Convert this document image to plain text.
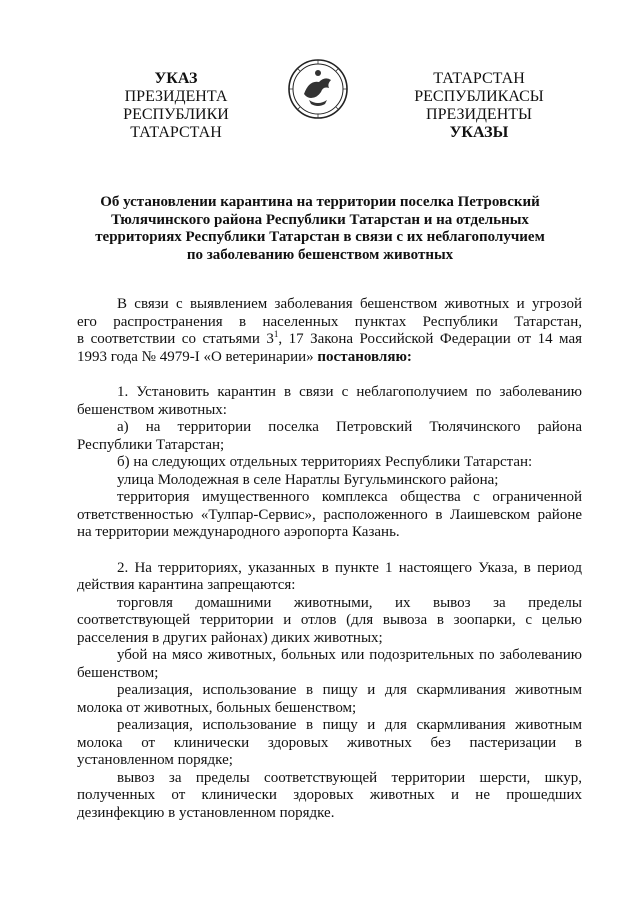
УКАЗ
ПРЕЗИДЕНТА
РЕСПУБЛИКИ ТАТАРСТАН
ТАТАРСТАН РЕСПУБЛИКАСЫ
ПРЕЗИДЕНТЫ
УКАЗЫ
Об установлении карантина на территории поселка Петровский
Тюлячинского района Республики Татарстан и на отдельных
территориях Республики Татарстан в связи с их неблагополучием
по заболеванию бешенством животных
В связи с выявлением заболевания бешенством животных и угрозой
его распространения в населенных пунктах Республики Татарстан,
в соответствии со статьями $3^1$, 17 Закона Российской Федерации от 14 мая
1993 года № 4979-I «О ветеринарии» постановляю:
1. Установить карантин в связи с неблагополучием по заболеванию
бешенством животных:
а) на территории поселка Петровский Тюлячинского района
Республики Татарстан;
б) на следующих отдельных территориях Республики Татарстан:
улица Молодежная в селе Наратлы Бугульминского района;
территория имущественного комплекса общества с ограниченной
ответственностью «Тулпар-Сервис», расположенного в Лаишевском районе
на территории международного аэропорта Казань.
2. На территориях, указанных в пункте 1 настоящего Указа, в период
действия карантина запрещаются:
торговля домашними животными, их вывоз за пределы
соответствующей территории и отлов (для вывоза в зоопарки, с целью
расселения в других районах) диких животных;
убой на мясо животных, больных или подозрительных по заболеванию
бешенством;
реализация, использование в пищу и для скармливания животным
молока от животных, больных бешенством;
реализация, использование в пищу и для скармливания животным
молока от клинически здоровых животных без пастеризации в
установленном порядке;
вывоз за пределы соответствующей территории шерсти, шкур,
полученных от клинически здоровых животных и не прошедших
дезинфекцию в установленном порядке.
